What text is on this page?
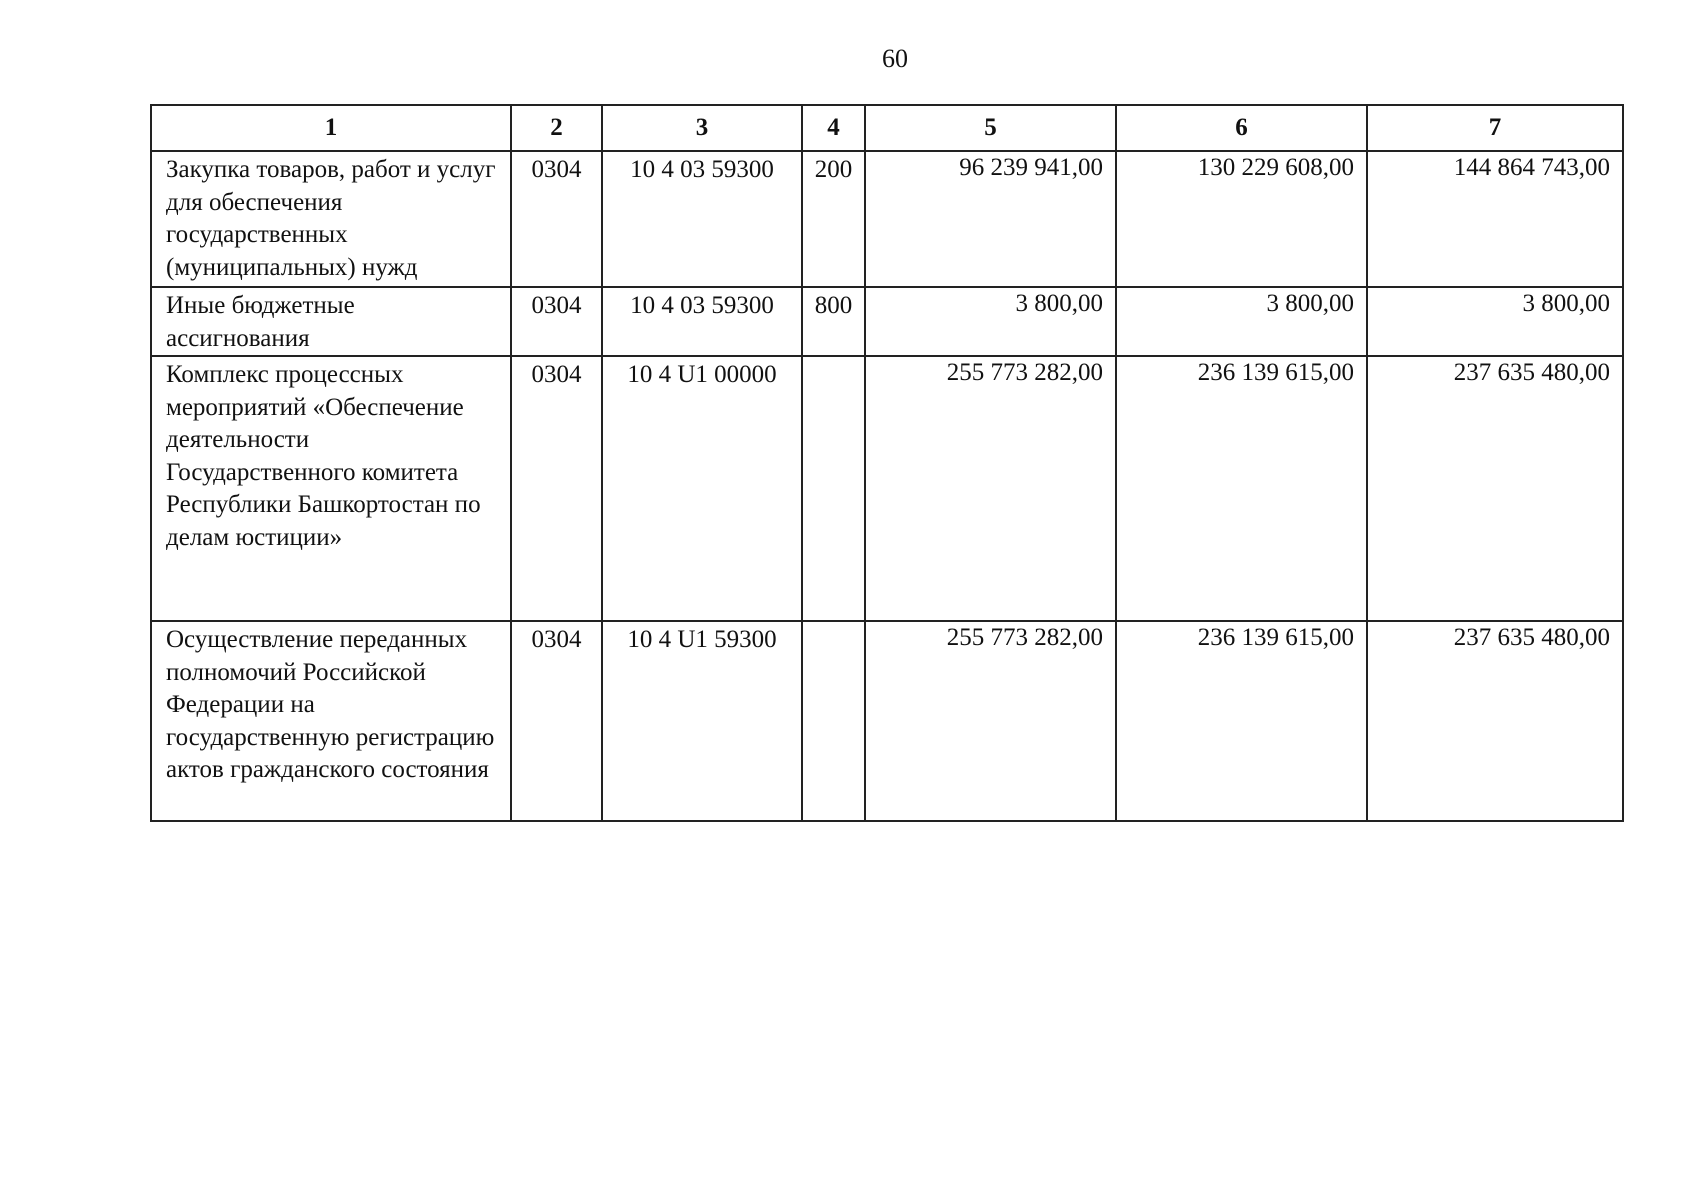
60
1	2	3	4	5	6	7
Закупка товаров, работ и услуг для обеспечения государственных (муниципальных) нужд	0304	10 4 03 59300	200	96 239 941,00	130 229 608,00	144 864 743,00
Иные бюджетные ассигнования	0304	10 4 03 59300	800	3 800,00	3 800,00	3 800,00
Комплекс процессных мероприятий «Обеспечение деятельности Государственного комитета Республики Башкортостан по делам юстиции»	0304	10 4 U1 00000		255 773 282,00	236 139 615,00	237 635 480,00
Осуществление переданных полномочий Российской Федерации на государственную регистрацию актов гражданского состояния	0304	10 4 U1 59300		255 773 282,00	236 139 615,00	237 635 480,00
